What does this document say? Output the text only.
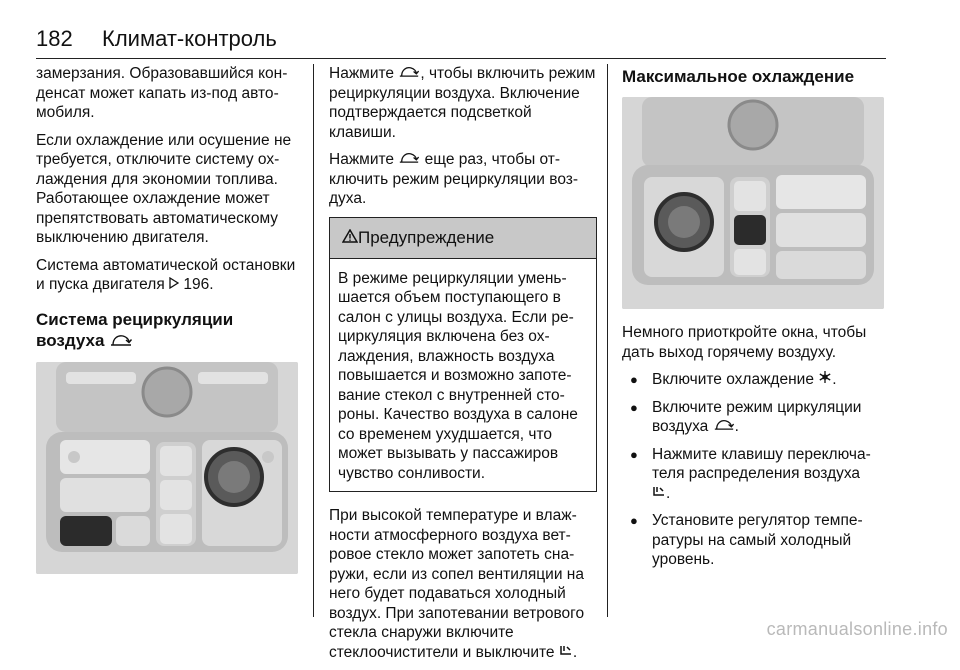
182 Климат-контроль

замерзания. Образовавшийся конденсат может капать из-под автомобиля.

Если охлаждение или осушение не требуется, отключите систему охлаждения для экономии топлива. Работающее охлаждение может препятствовать автоматическому выключению двигателя.

Система автоматической остановки и пуска двигателя 196.

Система рециркуляции воздуха

Нажмите , чтобы включить режим рециркуляции воздуха. Включение подтверждается подсветкой клавиши.

Нажмите еще раз, чтобы отключить режим рециркуляции воздуха.

Предупреждение
В режиме рециркуляции уменьшается объем поступающего в салон с улицы воздуха. Если рециркуляция включена без охлаждения, влажность воздуха повышается и возможно запотевание стекол с внутренней стороны. Качество воздуха в салоне со временем ухудшается, что может вызывать у пассажиров чувство сонливости.

При высокой температуре и влажности атмосферного воздуха ветровое стекло может запотеть снаружи, если из сопел вентиляции на него будет подаваться холодный воздух. При запотевании ветрового стекла снаружи включите стеклоочистители и выключите .

Максимальное охлаждение

Немного приоткройте окна, чтобы дать выход горячему воздуху.

● Включите охлаждение .
● Включите режим циркуляции воздуха .
● Нажмите клавишу переключателя распределения воздуха
.
● Установите регулятор температуры на самый холодный уровень.
carmanualsonline.info
